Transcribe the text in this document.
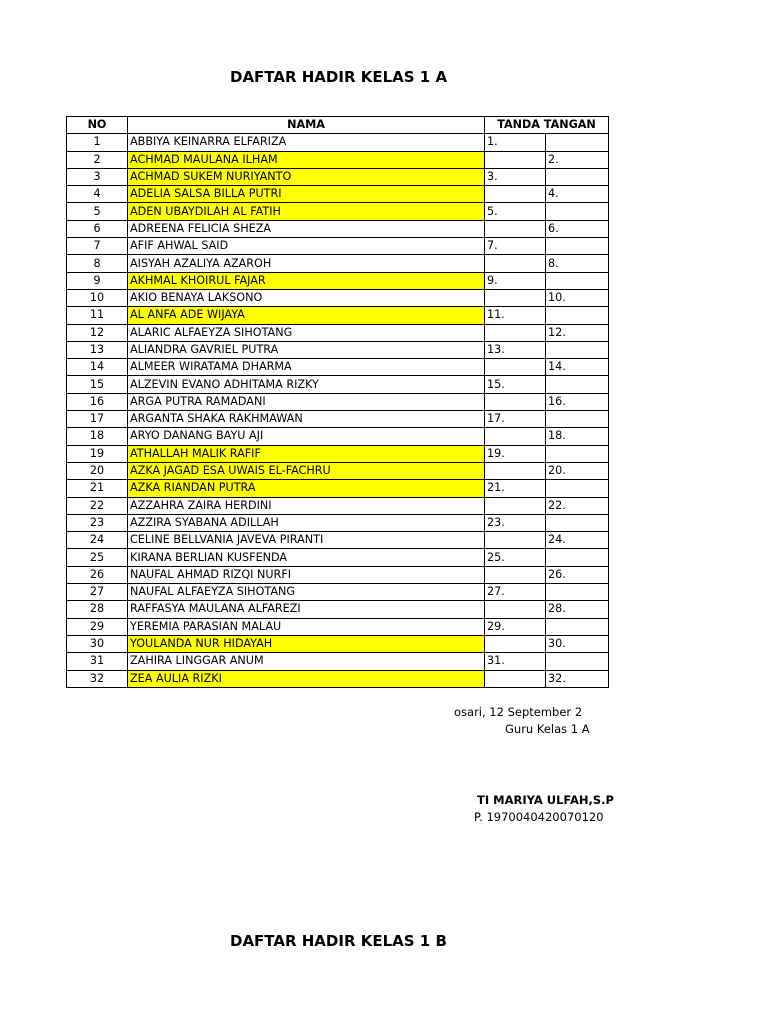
DAFTAR HADIR KELAS 1 A
NO	NAMA	TANDA TANGAN	
1	ABBIYA KEINARRA ELFARIZA	1.	
2	ACHMAD MAULANA ILHAM		2.
3	ACHMAD SUKEM NURIYANTO	3.	
4	ADELIA SALSA BILLA PUTRI		4.
5	ADEN UBAYDILAH AL FATIH	5.	
6	ADREENA FELICIA SHEZA		6.
7	AFIF AHWAL SAID	7.	
8	AISYAH AZALIYA AZAROH		8.
9	AKHMAL KHOIRUL FAJAR	9.	
10	AKIO BENAYA LAKSONO		10.
11	AL ANFA ADE WIJAYA	11.	
12	ALARIC ALFAEYZA SIHOTANG		12.
13	ALIANDRA GAVRIEL PUTRA	13.	
14	ALMEER WIRATAMA DHARMA		14.
15	ALZEVIN EVANO ADHITAMA RIZKY	15.	
16	ARGA PUTRA RAMADANI		16.
17	ARGANTA SHAKA RAKHMAWAN	17.	
18	ARYO DANANG BAYU AJI		18.
19	ATHALLAH MALIK RAFIF	19.	
20	AZKA JAGAD ESA UWAIS EL-FACHRU		20.
21	AZKA RIANDAN PUTRA	21.	
22	AZZAHRA ZAIRA HERDINI		22.
23	AZZIRA SYABANA ADILLAH	23.	
24	CELINE BELLVANIA JAVEVA PIRANTI		24.
25	KIRANA BERLIAN KUSFENDA	25.	
26	NAUFAL AHMAD RIZQI NURFI		26.
27	NAUFAL ALFAEYZA SIHOTANG	27.	
28	RAFFASYA MAULANA ALFAREZI		28.
29	YEREMIA PARASIAN MALAU	29.	
30	YOULANDA NUR HIDAYAH		30.
31	ZAHIRA LINGGAR ANUM	31.	
32	ZEA AULIA RIZKI		32.
osari, 12 September 2
Guru Kelas 1 A
TI MARIYA ULFAH,S.P
P. 1970040420070120
DAFTAR HADIR KELAS 1 B
